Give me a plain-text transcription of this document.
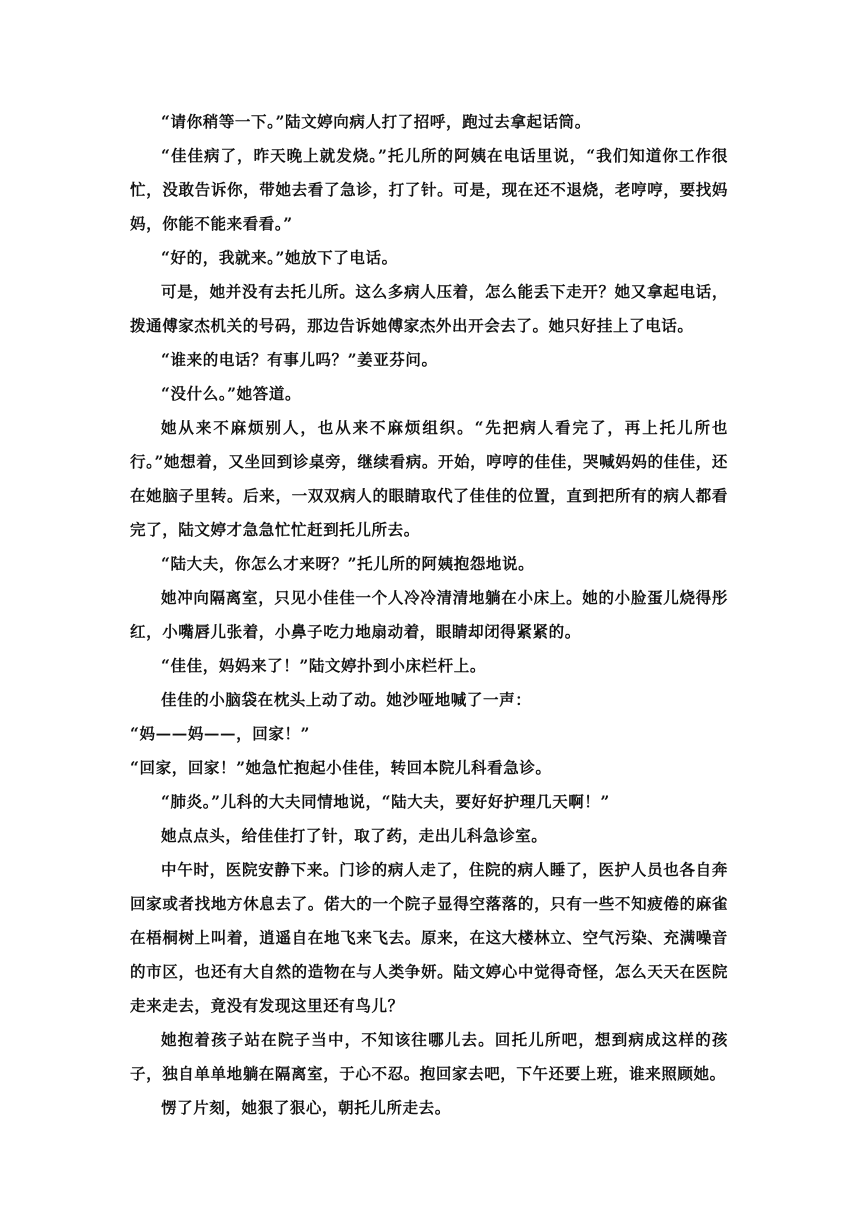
“请你稍等一下。”陆文婷向病人打了招呼，跑过去拿起话筒。

“佳佳病了，昨天晚上就发烧。”托儿所的阿姨在电话里说，“我们知道你工作很忙，没敢告诉你，带她去看了急诊，打了针。可是，现在还不退烧，老哼哼，要找妈妈，你能不能来看看。”

“好的，我就来。”她放下了电话。

可是，她并没有去托儿所。这么多病人压着，怎么能丢下走开？她又拿起电话，拨通傅家杰机关的号码，那边告诉她傅家杰外出开会去了。她只好挂上了电话。

“谁来的电话？有事儿吗？”姜亚芬问。

“没什么。”她答道。

她从来不麻烦别人，也从来不麻烦组织。“先把病人看完了，再上托儿所也行。”她想着，又坐回到诊桌旁，继续看病。开始，哼哼的佳佳，哭喊妈妈的佳佳，还在她脑子里转。后来，一双双病人的眼睛取代了佳佳的位置，直到把所有的病人都看完了，陆文婷才急急忙忙赶到托儿所去。

“陆大夫，你怎么才来呀？”托儿所的阿姨抱怨地说。

她冲向隔离室，只见小佳佳一个人冷冷清清地躺在小床上。她的小脸蛋儿烧得彤红，小嘴唇儿张着，小鼻子吃力地扇动着，眼睛却闭得紧紧的。

“佳佳，妈妈来了！”陆文婷扑到小床栏杆上。

佳佳的小脑袋在枕头上动了动。她沙哑地喊了一声：

“妈——妈——，回家！”

“回家，回家！”她急忙抱起小佳佳，转回本院儿科看急诊。

“肺炎。”儿科的大夫同情地说，“陆大夫，要好好护理几天啊！”

她点点头，给佳佳打了针，取了药，走出儿科急诊室。

中午时，医院安静下来。门诊的病人走了，住院的病人睡了，医护人员也各自奔回家或者找地方休息去了。偌大的一个院子显得空落落的，只有一些不知疲倦的麻雀在梧桐树上叫着，逍遥自在地飞来飞去。原来，在这大楼林立、空气污染、充满噪音的市区，也还有大自然的造物在与人类争妍。陆文婷心中觉得奇怪，怎么天天在医院走来走去，竟没有发现这里还有鸟儿？

她抱着孩子站在院子当中，不知该往哪儿去。回托儿所吧，想到病成这样的孩子，独自单单地躺在隔离室，于心不忍。抱回家去吧，下午还要上班，谁来照顾她。

愣了片刻，她狠了狠心，朝托儿所走去。
